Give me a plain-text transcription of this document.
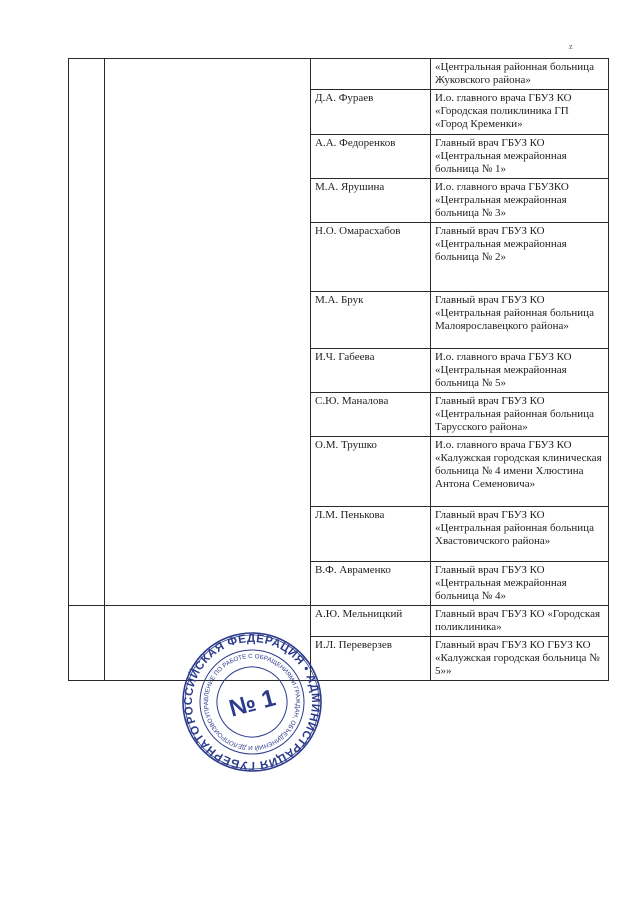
z
			«Центральная районная больница Жуковского района»
		Д.А. Фураев	И.о. главного врача ГБУЗ КО «Городская поликлиника ГП «Город Кременки»
		А.А. Федоренков	Главный врач ГБУЗ КО «Центральная межрайонная больница № 1»
		М.А. Ярушина	И.о. главного врача ГБУЗКО «Центральная межрайонная больница № 3»
		Н.О. Омарасхабов	Главный врач ГБУЗ КО «Центральная межрайонная больница № 2»
		М.А. Брук	Главный врач ГБУЗ КО «Центральная районная больница Малоярославецкого района»
		И.Ч. Габеева	И.о. главного врача ГБУЗ КО «Центральная межрайонная больница № 5»
		С.Ю. Маналова	Главный врач ГБУЗ КО «Центральная районная больница Тарусского района»
		О.М. Трушко	И.о. главного врача ГБУЗ КО «Калужская городская клиническая больница № 4 имени Хлюстина Антона Семеновича»
		Л.М. Пенькова	Главный врач ГБУЗ КО «Центральная районная больница Хвастовичского района»
		В.Ф. Авраменко	Главный врач ГБУЗ КО «Центральная межрайонная больница № 4»
		А.Ю. Мельницкий	Главный врач ГБУЗ КО «Городская поликлиника»
		И.Л. Переверзев	Главный врач ГБУЗ КО ГБУЗ КО «Калужская городская больница № 5»»
РОССИЙСКАЯ ФЕДЕРАЦИЯ • АДМИНИСТРАЦИЯ ГУБЕРНАТОРА
УПРАВЛЕНИЕ ПО РАБОТЕ С ОБРАЩЕНИЯМИ ГРАЖДАН, ОБЪЕДИНЕНИЙ И ДЕЛОПРОИЗВОДСТВУ
№ 1
